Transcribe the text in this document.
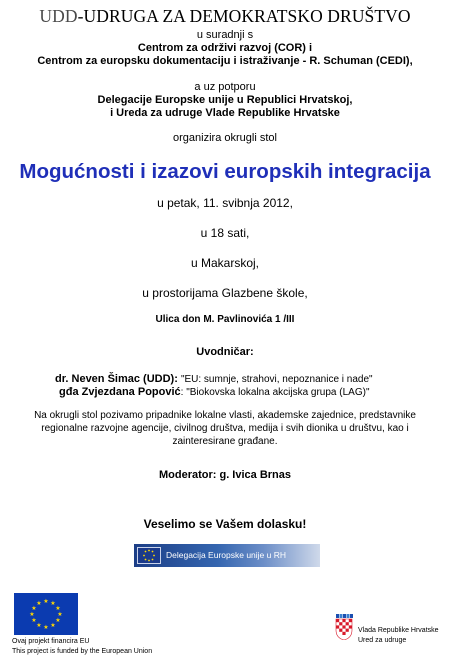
UDD-UDRUGA ZA DEMOKRATSKO DRUŠTVO
u suradnji s
Centrom za održivi razvoj (COR) i
Centrom za europsku dokumentaciju i istraživanje - R. Schuman (CEDI),
a uz potporu
Delegacije Europske unije u Republici Hrvatskoj,
i Ureda za udruge Vlade Republike Hrvatske
organizira okrugli stol
Mogućnosti i izazovi europskih integracija
u petak, 11. svibnja 2012,
u 18 sati,
u Makarskoj,
u prostorijama Glazbene škole,
Ulica don M. Pavlinovića 1 /III
Uvodničar:
dr. Neven Šimac (UDD): "EU: sumnje, strahovi, nepoznanice i nade"
gđa Zvjezdana Popović: "Biokovska lokalna akcijska grupa (LAG)"
Na okrugli stol pozivamo pripadnike lokalne vlasti, akademske zajednice, predstavnike
regionalne razvojne agencije, civilnog društva, medija i svih dionika u društvu, kao i
zainteresirane građane.
Moderator: g. Ivica Brnas
Veselimo se Vašem dolasku!
Delegacija Europske unije u RH
★ ★
★
★
★
★
★
★
★
★
★
★
Ovaj projekt financira EU
This project is funded by the European Union
Vlada Republike Hrvatske
Ured za udruge
